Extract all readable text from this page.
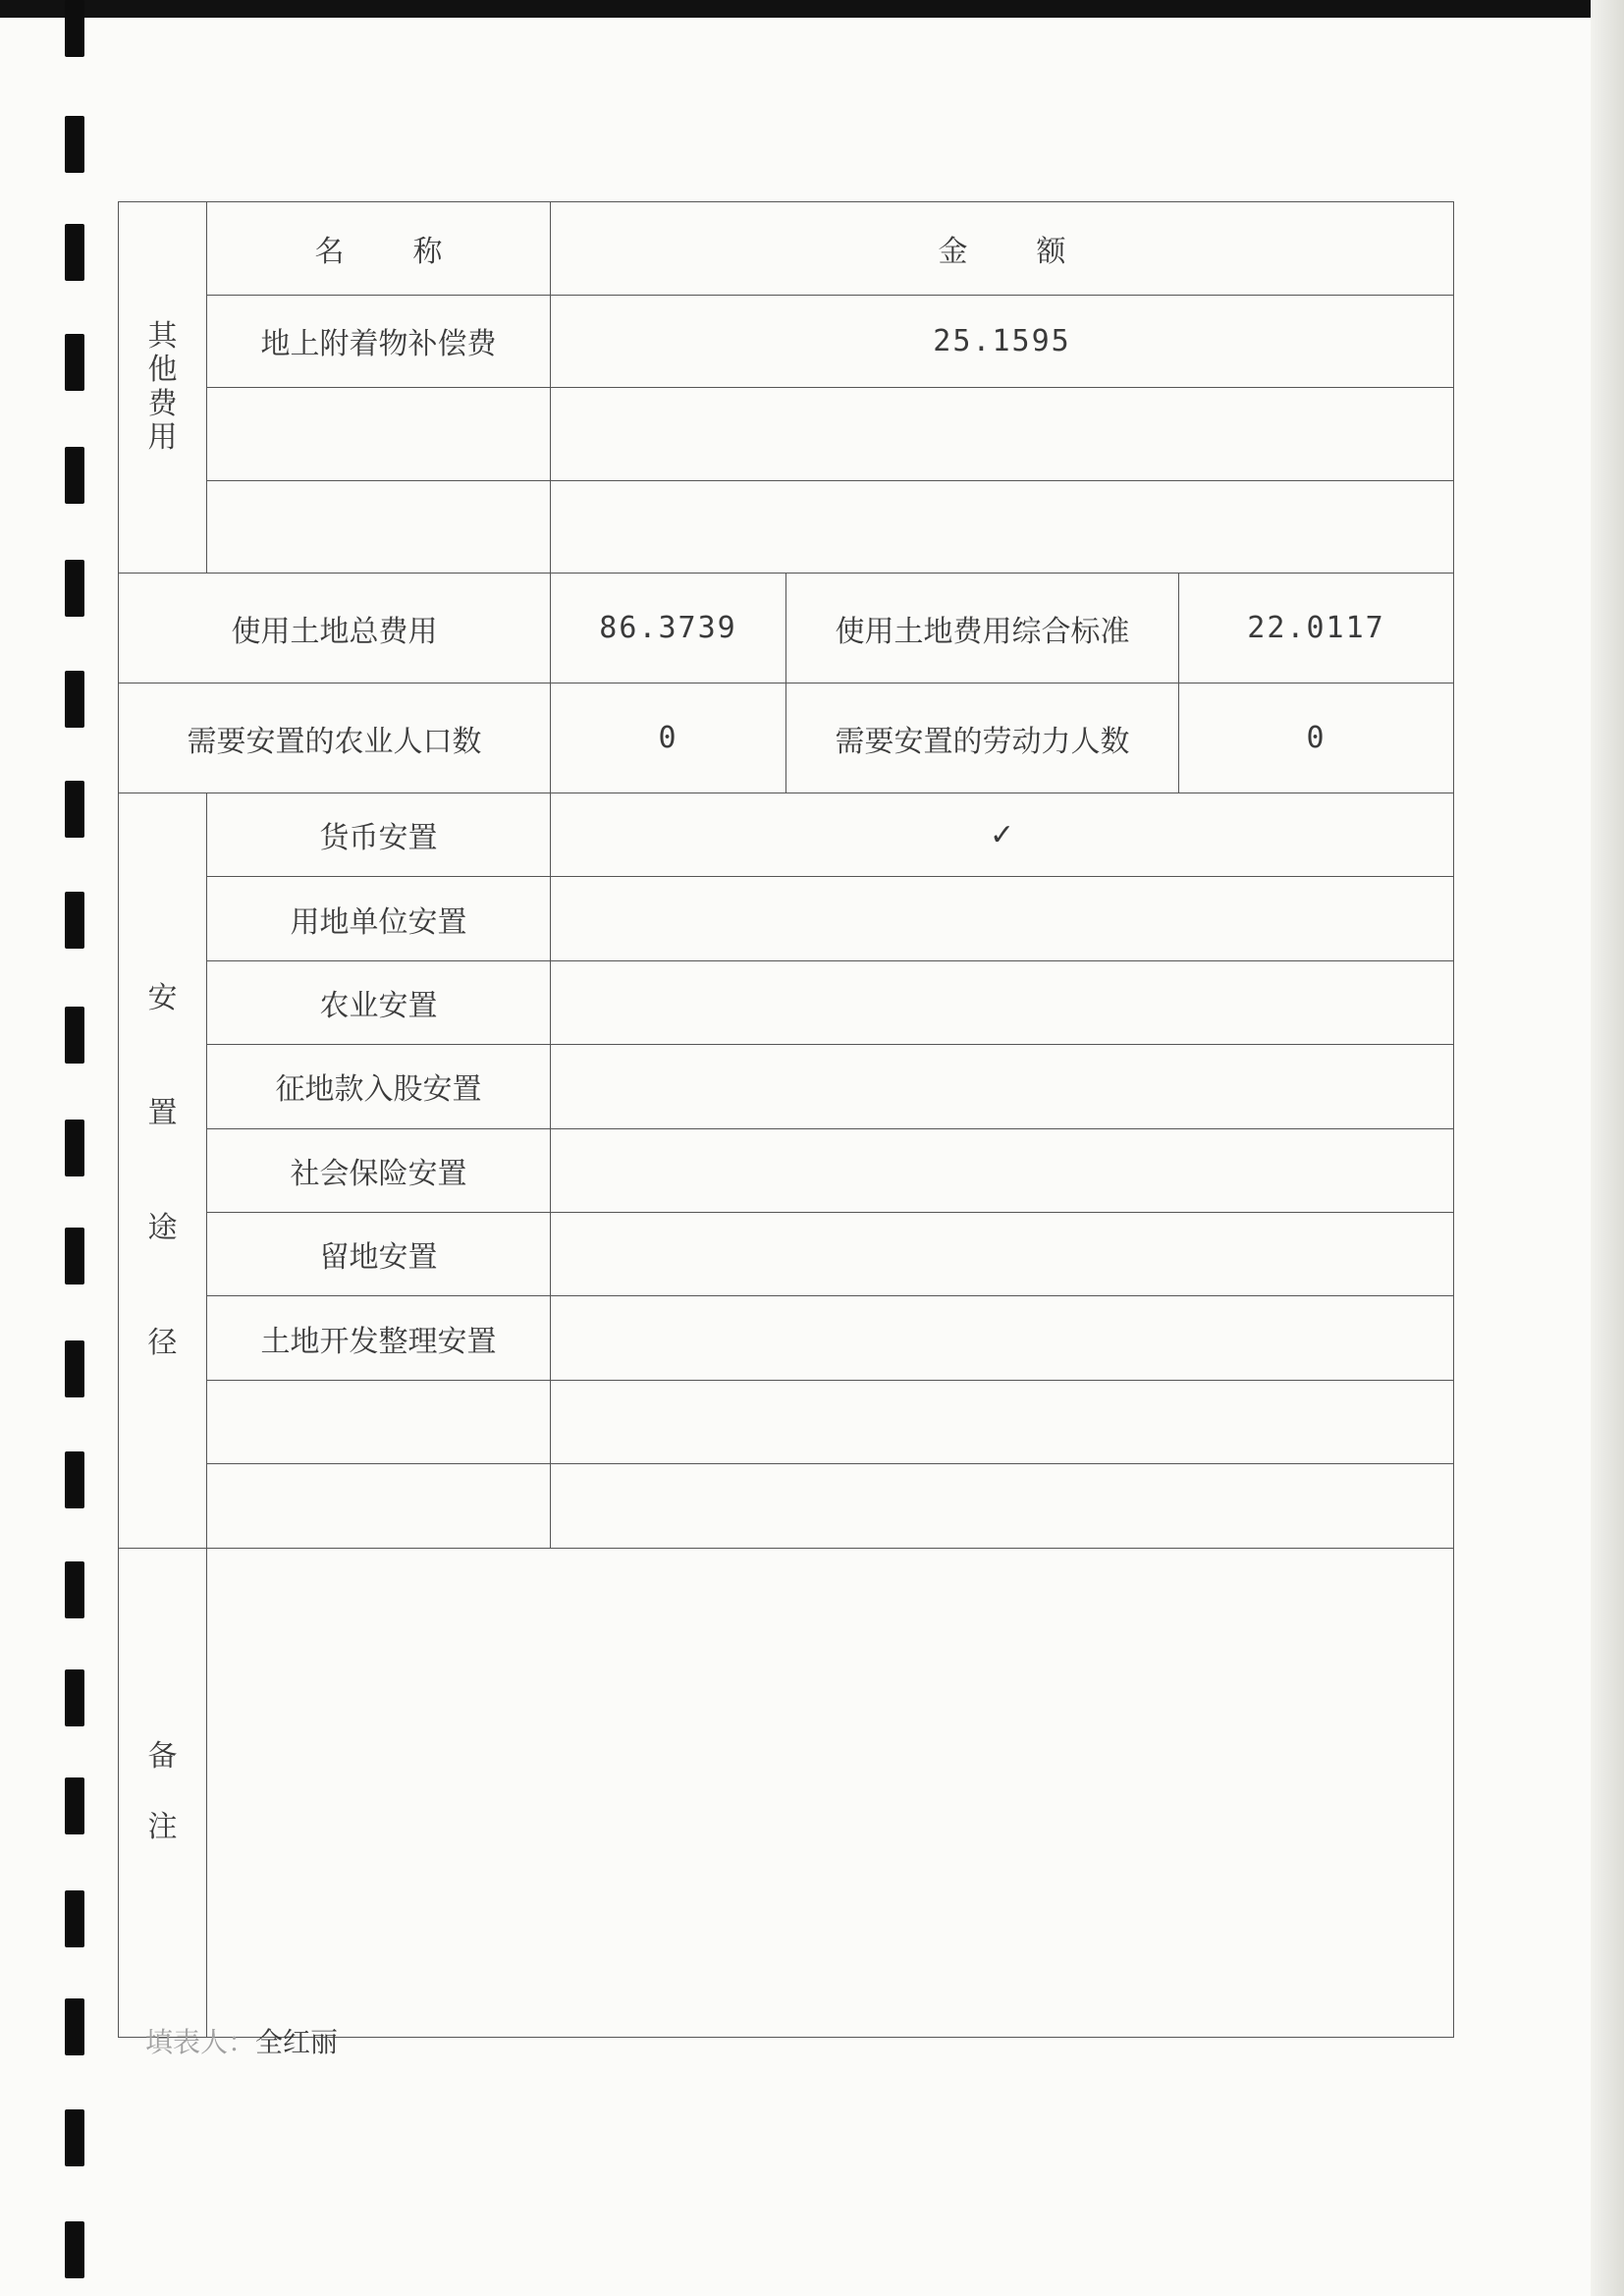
其他费用	名称	金额		
	地上附着物补偿费	25.1595		

使用土地总费用		86.3739	使用土地费用综合标准	22.0117
需要安置的农业人口数		0	需要安置的劳动力人数	0
安置途径	货币安置	✓		
	用地单位安置			
	农业安置			
	征地款入股安置			
	社会保险安置			
	留地安置			
	土地开发整理安置			

备注				
填表人：全红丽
